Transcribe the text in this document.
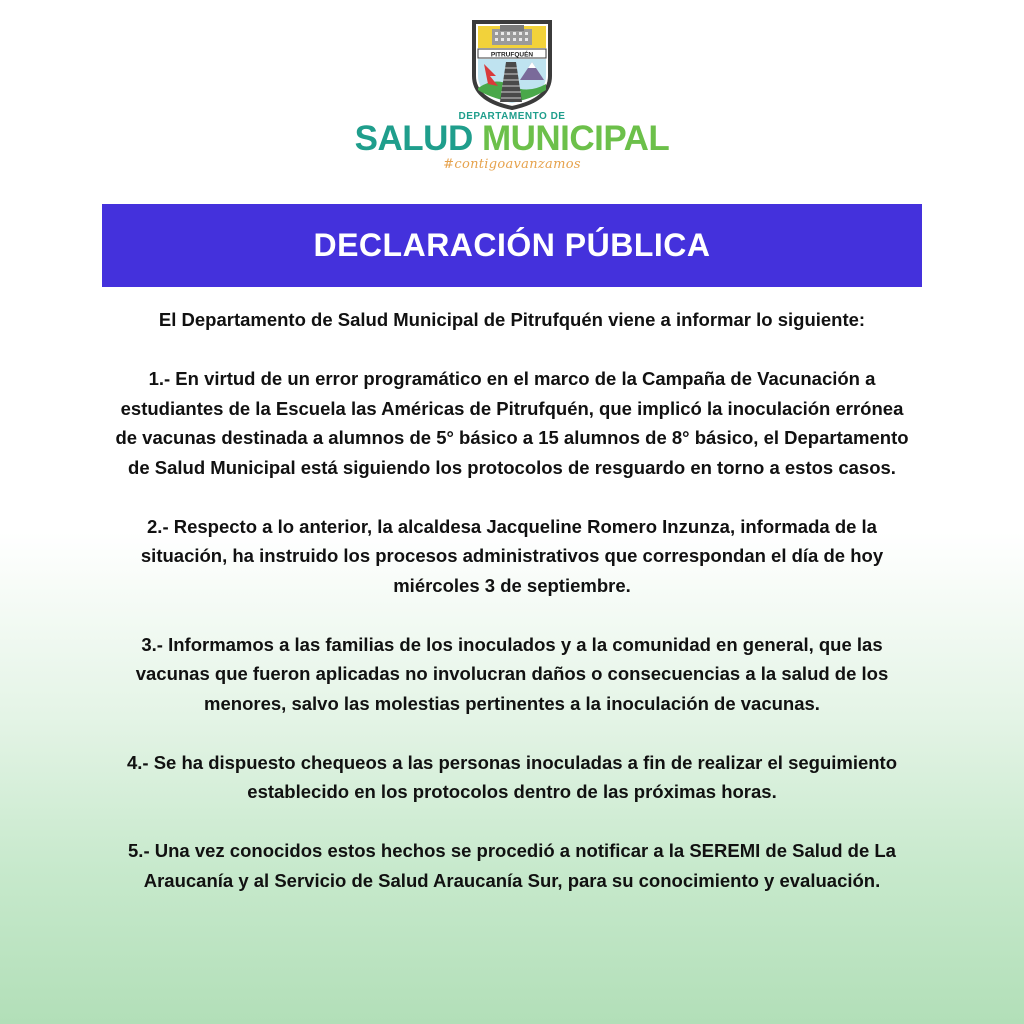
PITRUFQUÉN
DEPARTAMENTO DE
SALUD MUNICIPAL
#contigoavanzamos
DECLARACIÓN PÚBLICA

El Departamento de Salud Municipal de Pitrufquén viene a informar lo siguiente:

1.- En virtud de un error programático en el marco de la Campaña de Vacunación a estudiantes de la Escuela las Américas de Pitrufquén, que implicó la inoculación errónea de vacunas destinada a alumnos de 5° básico a 15 alumnos de 8° básico, el Departamento de Salud Municipal está siguiendo los protocolos de resguardo en torno a estos casos.

2.- Respecto a lo anterior, la alcaldesa Jacqueline Romero Inzunza, informada de la situación, ha instruido los procesos administrativos que correspondan el día de hoy miércoles 3 de septiembre.

3.- Informamos a las familias de los inoculados y a la comunidad en general, que las vacunas que fueron aplicadas no involucran daños o consecuencias a la salud de los menores, salvo las molestias pertinentes a la inoculación de vacunas.

4.- Se ha dispuesto chequeos a las personas inoculadas a fin de realizar el seguimiento establecido en los protocolos dentro de las próximas horas.

5.- Una vez conocidos estos hechos se procedió a notificar a la SEREMI de Salud de La Araucanía y al Servicio de Salud Araucanía Sur, para su conocimiento y evaluación.
